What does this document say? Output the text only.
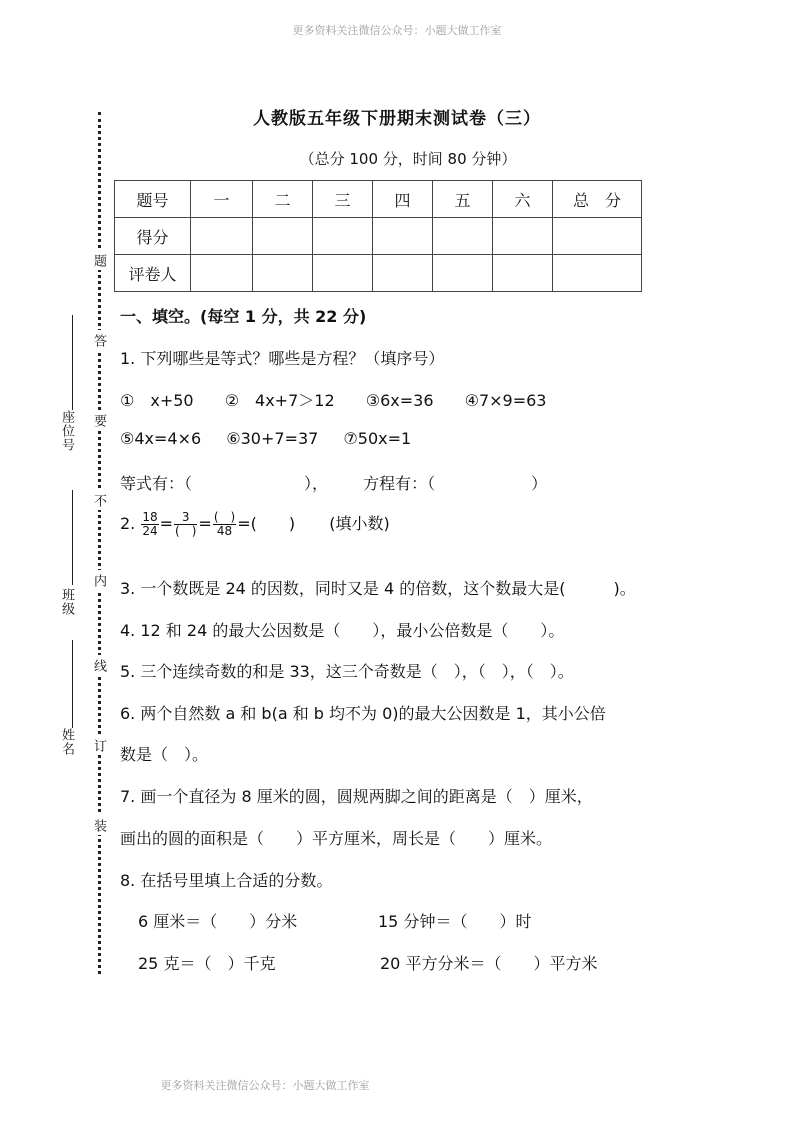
更多资料关注微信公众号：小题大做工作室
题
答
要
不
内
线
订
装
座位号
班级
姓名
人教版五年级下册期末测试卷（三）
（总分 100 分，时间 80 分钟）
题号	一	二	三	四	五	六	总　分
得分							
评卷人							
一、填空。(每空 1 分，共 22 分)
1. 下列哪些是等式？哪些是方程？（填序号）
①　x+50 ②　4x+7＞12 ③6x=36 ④7×9=63
⑤4x=4×6 ⑥30+7=37 ⑦50x=1
等式有：（　　　　　　　）， 方程有：（　　　　　　）
2. $\frac{18}{24} = \frac{3}{( )} = \frac{( )}{48}$ =(　　) (填小数)
3. 一个数既是 24 的因数，同时又是 4 的倍数，这个数最大是(　　　)。
4. 12 和 24 的最大公因数是（　　），最小公倍数是（　　）。
5. 三个连续奇数的和是 33，这三个奇数是（　），（　），（　）。
6. 两个自然数 a 和 b(a 和 b 均不为 0)的最大公因数是 1，其小公倍
数是（　）。
7. 画一个直径为 8 厘米的圆，圆规两脚之间的距离是（　）厘米，
画出的圆的面积是（　　）平方厘米，周长是（　　）厘米。
8. 在括号里填上合适的分数。
6 厘米＝（　　）分米	15 分钟＝（　　）时
25 克＝（　）千克	20 平方分米＝（　　）平方米
更多资料关注微信公众号：小题大做工作室
